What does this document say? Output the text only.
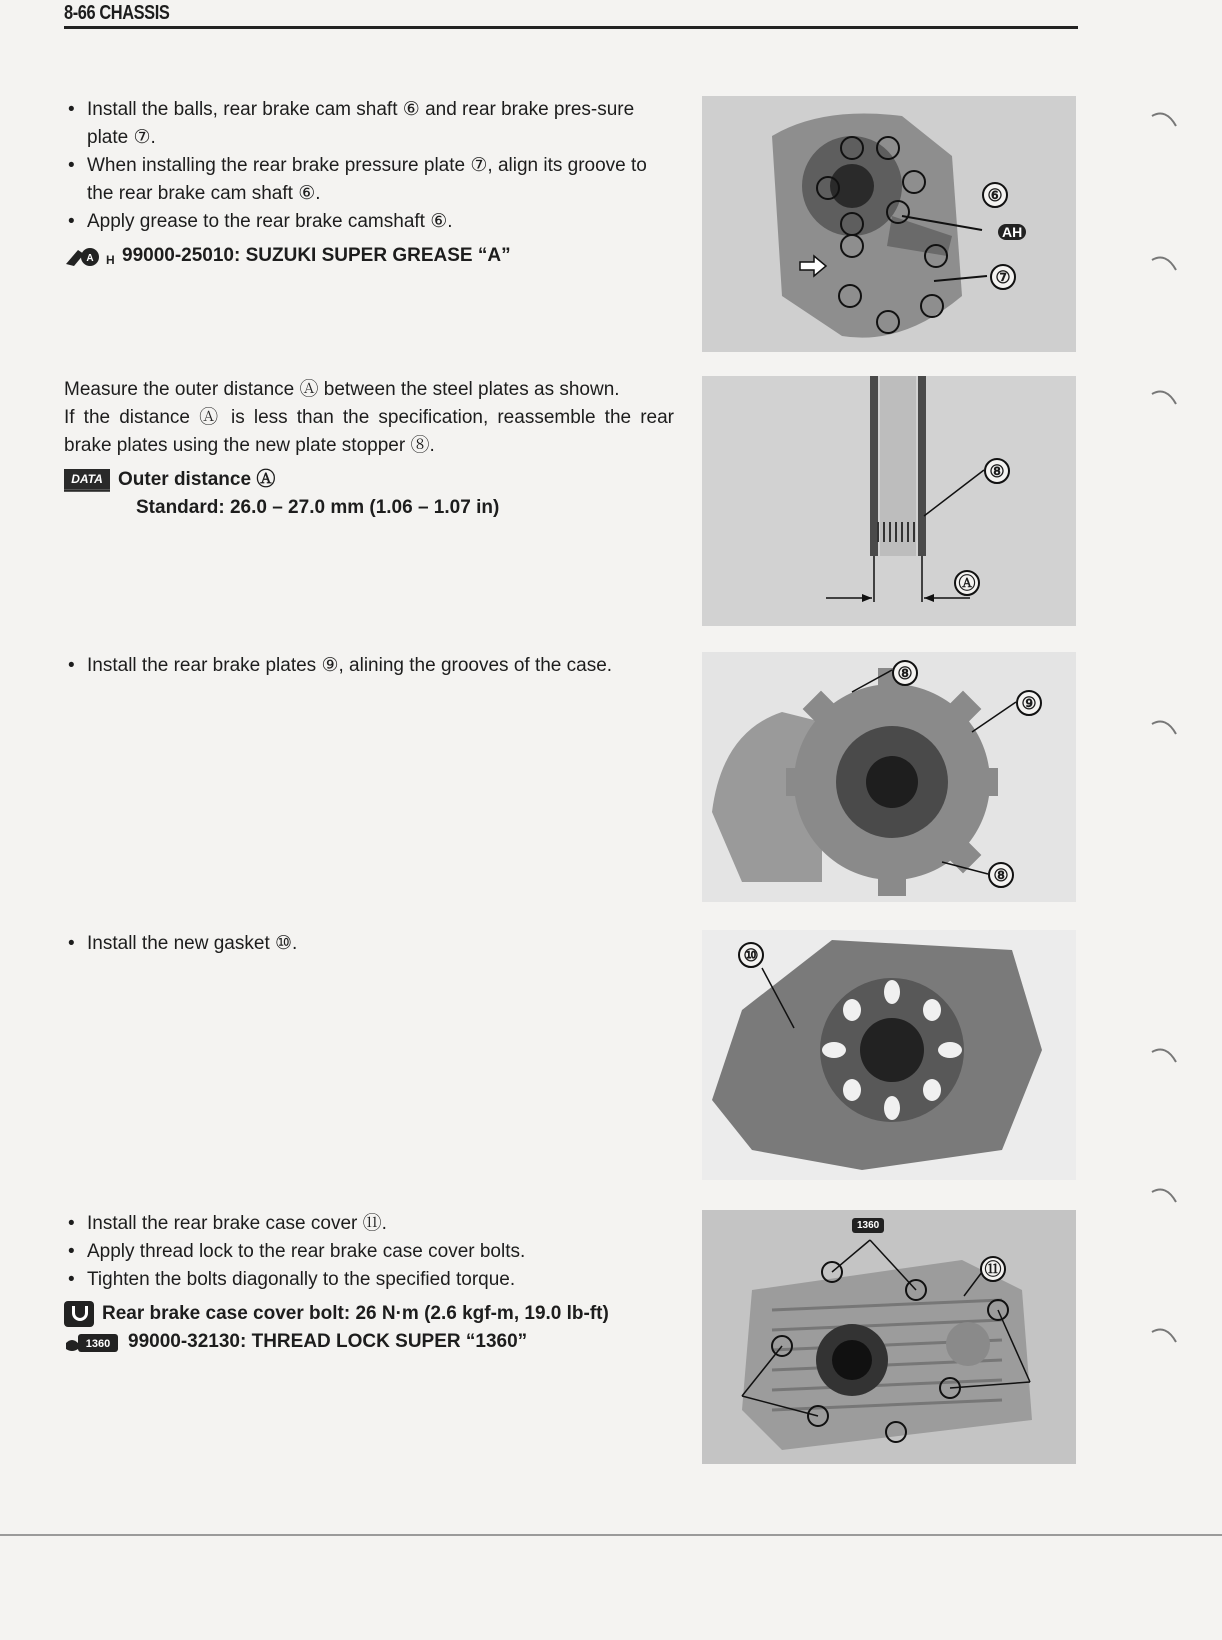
8-66 CHASSIS

• Install the balls, rear brake cam shaft ⑥ and rear brake pres-sure plate ⑦.

• When installing the rear brake pressure plate ⑦, align its groove to the rear brake cam shaft ⑥.

• Apply grease to the rear brake camshaft ⑥.

A H 99000-25010: SUZUKI SUPER GREASE “A”

⑥
⑦
AH

Measure the outer distance Ⓐ between the steel plates as shown.

If the distance Ⓐ is less than the specification, reassemble the rear brake plates using the new plate stopper ⑧.

DATA Outer distance Ⓐ

Standard: 26.0 – 27.0 mm (1.06 – 1.07 in)

⑧
Ⓐ

• Install the rear brake plates ⑨, alining the grooves of the case.	⑧
⑨
⑧

• Install the new gasket ⑩.

⑩

• Install the rear brake case cover ⑪.

• Apply thread lock to the rear brake case cover bolts.

• Tighten the bolts diagonally to the specified torque.

Rear brake case cover bolt: 26 N·m (2.6 kgf-m, 19.0 lb-ft)

1360 99000-32130: THREAD LOCK SUPER “1360”

1360
⑪
